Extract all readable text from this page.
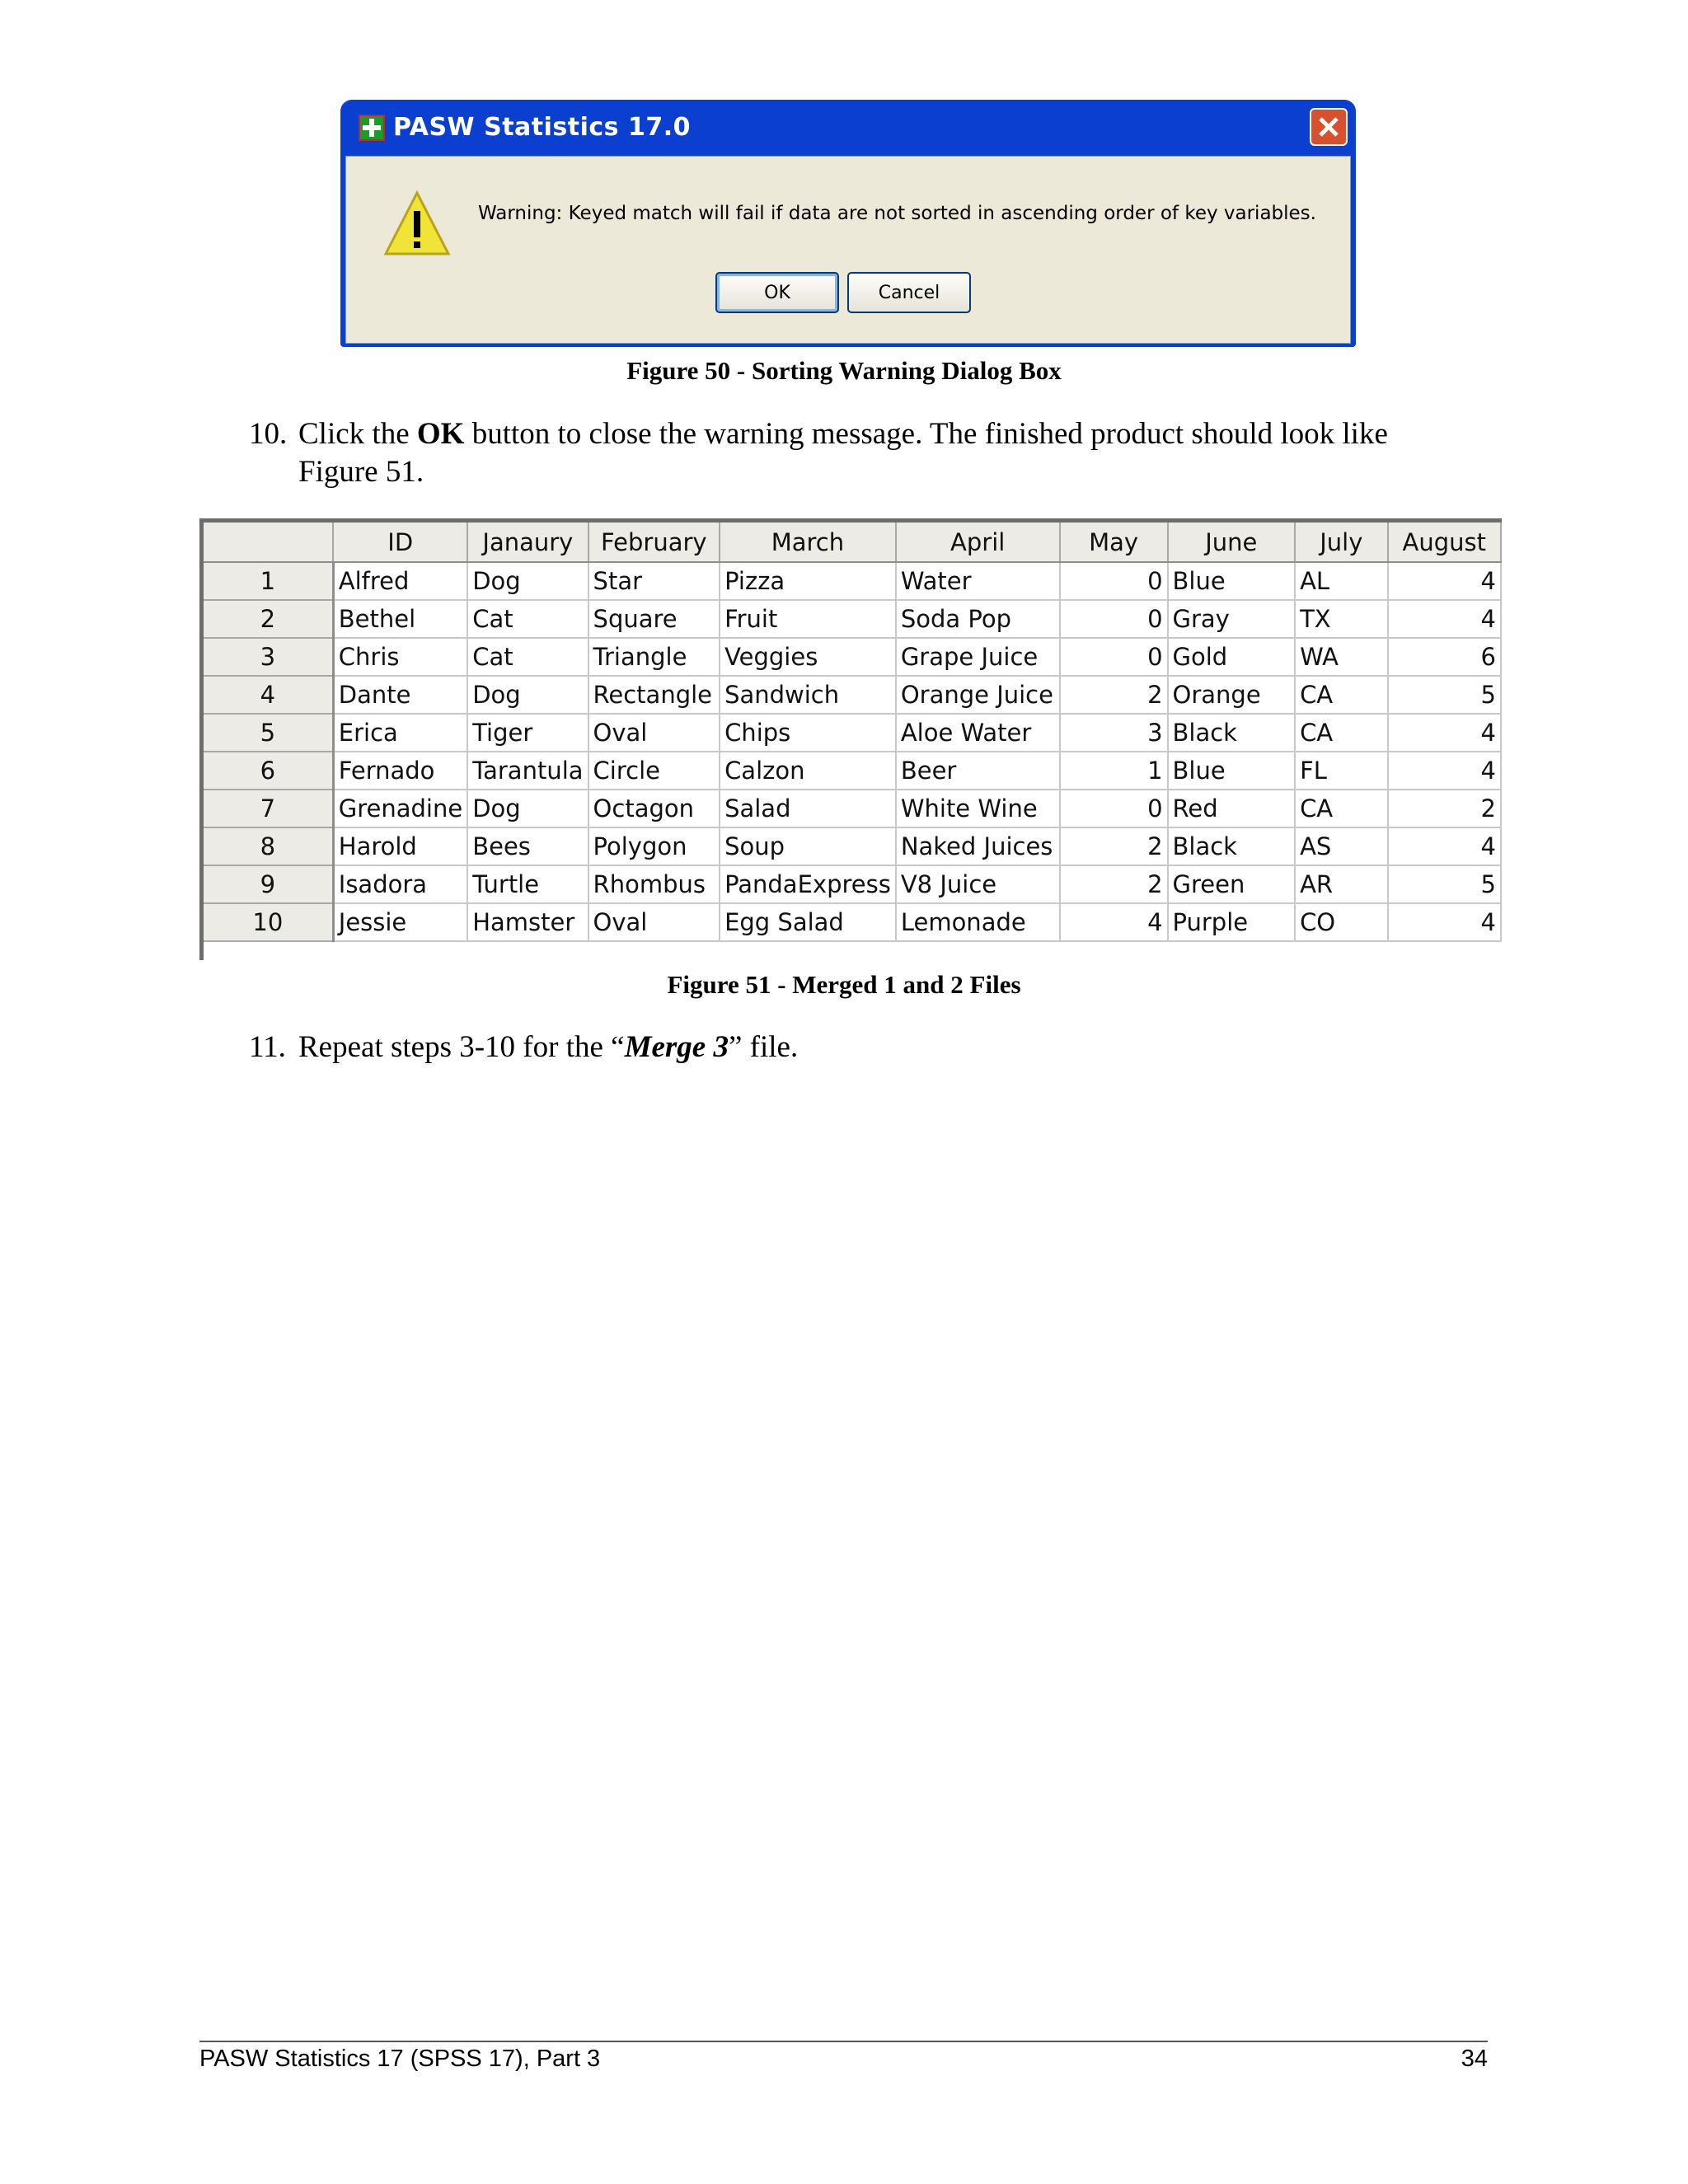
PASW Statistics 17.0
Warning: Keyed match will fail if data are not sorted in ascending order of key variables.
OK	Cancel
Figure 50 - Sorting Warning Dialog Box
10. Click the OK button to close the warning message. The finished product should look like
Figure 51.
	ID	Janaury	February	March	April	May	June	July	August
1	Alfred	Dog	Star	Pizza	Water	0	Blue	AL	4
2	Bethel	Cat	Square	Fruit	Soda Pop	0	Gray	TX	4
3	Chris	Cat	Triangle	Veggies	Grape Juice	0	Gold	WA	6
4	Dante	Dog	Rectangle	Sandwich	Orange Juice	2	Orange	CA	5
5	Erica	Tiger	Oval	Chips	Aloe Water	3	Black	CA	4
6	Fernado	Tarantula	Circle	Calzon	Beer	1	Blue	FL	4
7	Grenadine	Dog	Octagon	Salad	White Wine	0	Red	CA	2
8	Harold	Bees	Polygon	Soup	Naked Juices	2	Black	AS	4
9	Isadora	Turtle	Rhombus	PandaExpress	V8 Juice	2	Green	AR	5
10	Jessie	Hamster	Oval	Egg Salad	Lemonade	4	Purple	CO	4
Figure 51 - Merged 1 and 2 Files
11. Repeat steps 3-10 for the “Merge 3” file.
PASW Statistics 17 (SPSS 17), Part 3	34
